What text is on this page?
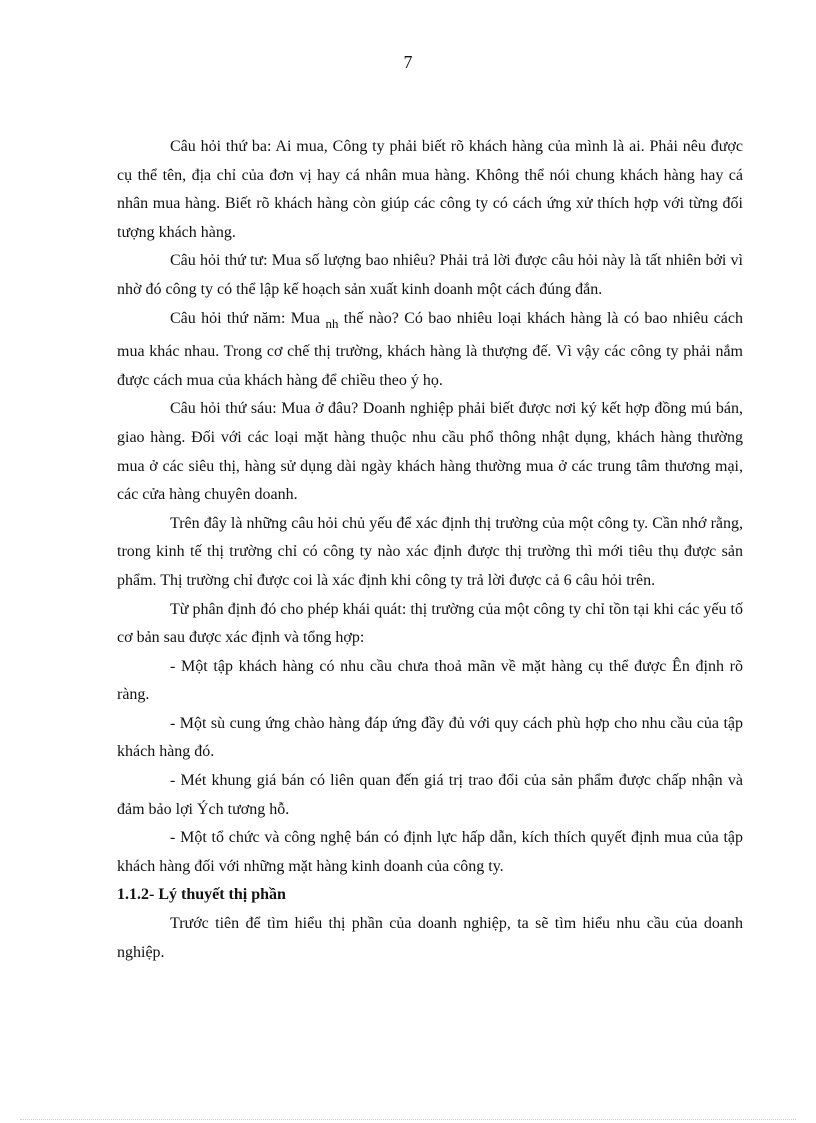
7

Câu hỏi thứ ba: Ai mua, Công ty phải biết rõ khách hàng của mình là ai. Phải nêu được cụ thể tên, địa chỉ của đơn vị hay cá nhân mua hàng. Không thể nói chung khách hàng hay cá nhân mua hàng. Biết rõ khách hàng còn giúp các công ty có cách ứng xử thích hợp với từng đối tượng khách hàng.

Câu hỏi thứ tư: Mua số lượng bao nhiêu? Phải trả lời được câu hỏi này là tất nhiên bởi vì nhờ đó công ty có thể lập kế hoạch sản xuất kinh doanh một cách đúng đắn.

Câu hỏi thứ năm: Mua $_{nh}$ thế nào? Có bao nhiêu loại khách hàng là có bao nhiêu cách mua khác nhau. Trong cơ chế thị trường, khách hàng là thượng đế. Vì vậy các công ty phải nắm được cách mua của khách hàng để chiều theo ý họ.

Câu hỏi thứ sáu: Mua ở đâu? Doanh nghiệp phải biết được nơi ký kết hợp đồng mú bán, giao hàng. Đối với các loại mặt hàng thuộc nhu cầu phổ thông nhật dụng, khách hàng thường mua ở các siêu thị, hàng sử dụng dài ngày khách hàng thường mua ở các trung tâm thương mại, các cửa hàng chuyên doanh.

Trên đây là những câu hỏi chủ yếu để xác định thị trường của một công ty. Cần nhớ rằng, trong kinh tế thị trường chỉ có công ty nào xác định được thị trường thì mới tiêu thụ được sản phẩm. Thị trường chỉ được coi là xác định khi công ty trả lời được cả 6 câu hỏi trên.

Từ phân định đó cho phép khái quát: thị trường của một công ty chỉ tồn tại khi các yếu tố cơ bản sau được xác định và tổng hợp:

- Một tập khách hàng có nhu cầu chưa thoả mãn về mặt hàng cụ thể được Ên định rõ ràng.

- Một sù cung ứng chào hàng đáp ứng đầy đủ với quy cách phù hợp cho nhu cầu của tập khách hàng đó.

- Mét khung giá bán có liên quan đến giá trị trao đổi của sản phẩm được chấp nhận và đảm bảo lợi Ých tương hỗ.

- Một tổ chức và công nghệ bán có định lực hấp dẫn, kích thích quyết định mua của tập khách hàng đối với những mặt hàng kinh doanh của công ty.

1.1.2- Lý thuyết thị phần

Trước tiên để tìm hiểu thị phần của doanh nghiệp, ta sẽ tìm hiểu nhu cầu của doanh nghiệp.
